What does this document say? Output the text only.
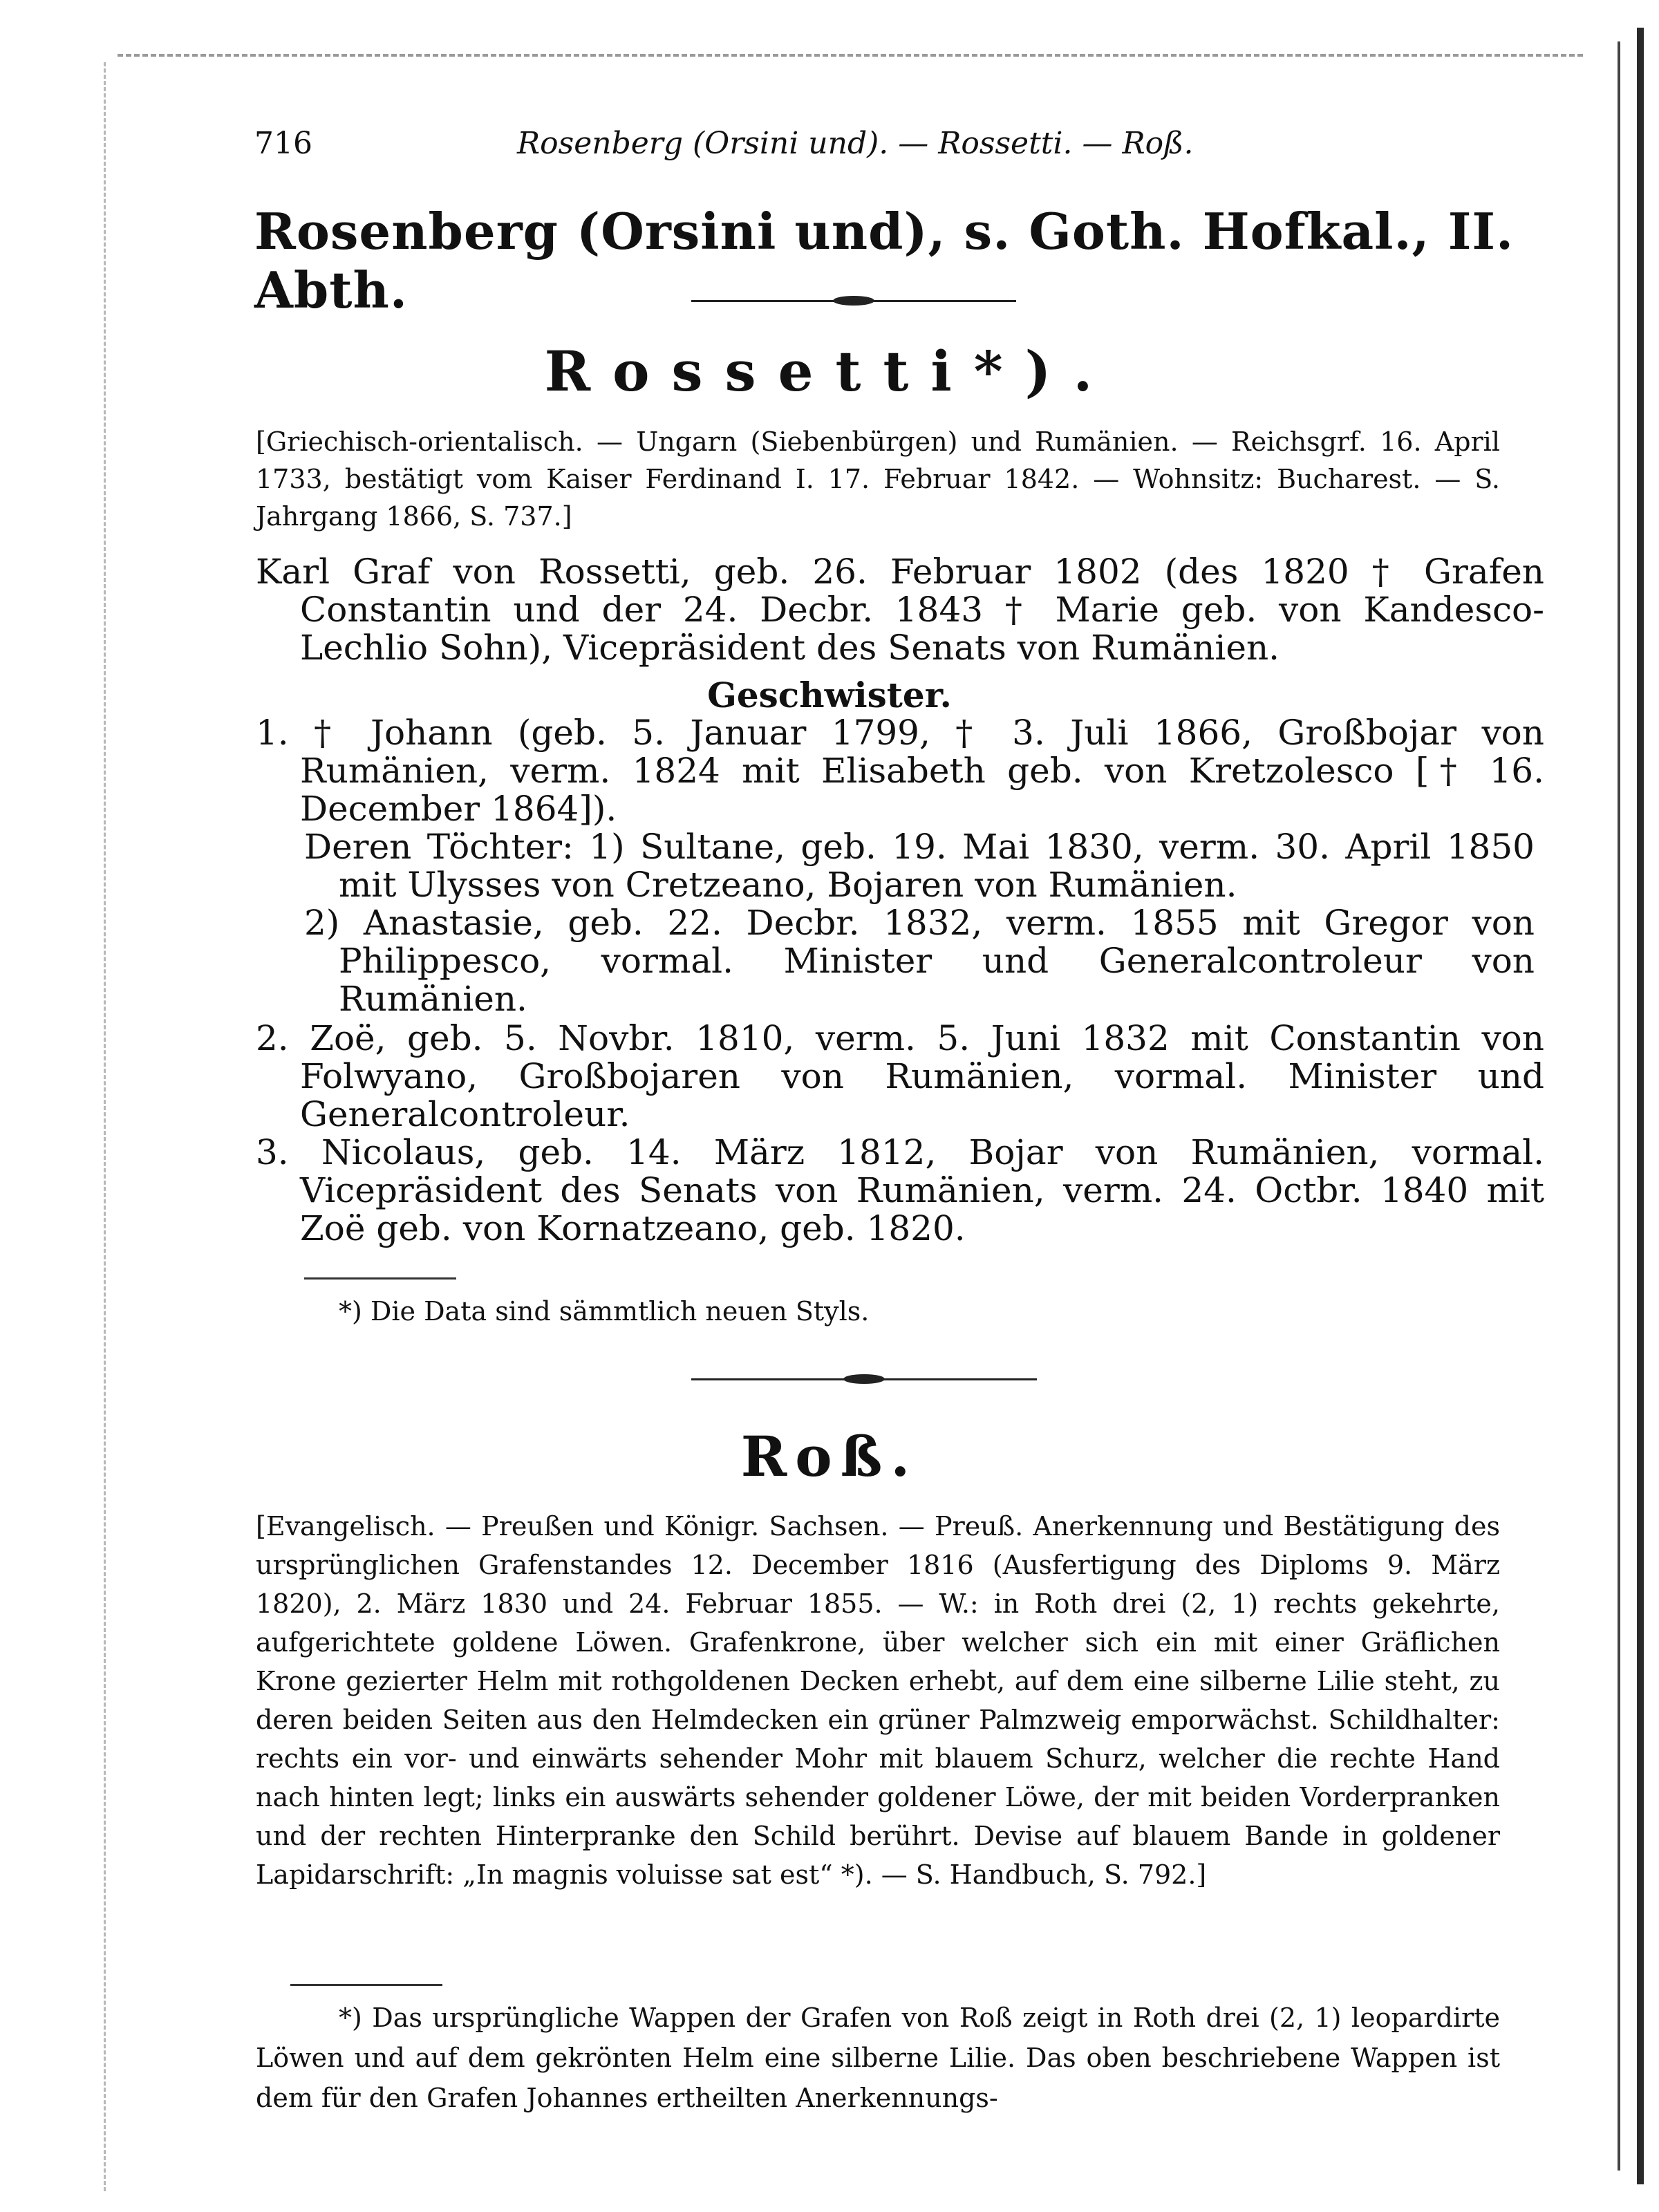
716	Rosenberg (Orsini und). — Rossetti. — Roß.
Rosenberg (Orsini und), s. Goth. Hofkal., II. Abth.
Rossetti*).
[Griechisch-orientalisch. — Ungarn (Siebenbürgen) und Rumänien. — Reichsgrf. 16. April 1733, bestätigt vom Kaiser Ferdinand I. 17. Februar 1842. — Wohnsitz: Bucharest. — S. Jahrgang 1866, S. 737.]
Karl Graf von Rossetti, geb. 26. Februar 1802 (des 1820 † Grafen Constantin und der 24. Decbr. 1843 † Marie geb. von Kandesco-Lechlio Sohn), Vicepräsident des Senats von Rumänien.
Geschwister.
1. † Johann (geb. 5. Januar 1799, † 3. Juli 1866, Großbojar von Rumänien, verm. 1824 mit Elisabeth geb. von Kretzolesco [† 16. December 1864]).
Deren Töchter: 1) Sultane, geb. 19. Mai 1830, verm. 30. April 1850 mit Ulysses von Cretzeano, Bojaren von Rumänien.
2) Anastasie, geb. 22. Decbr. 1832, verm. 1855 mit Gregor von Philippesco, vormal. Minister und Generalcontroleur von Rumänien.
2. Zoë, geb. 5. Novbr. 1810, verm. 5. Juni 1832 mit Constantin von Folwyano, Großbojaren von Rumänien, vormal. Minister und Generalcontroleur.
3. Nicolaus, geb. 14. März 1812, Bojar von Rumänien, vormal. Vicepräsident des Senats von Rumänien, verm. 24. Octbr. 1840 mit Zoë geb. von Kornatzeano, geb. 1820.
*) Die Data sind sämmtlich neuen Styls.
Roß.
[Evangelisch. — Preußen und Königr. Sachsen. — Preuß. Anerkennung und Bestätigung des ursprünglichen Grafenstandes 12. December 1816 (Ausfertigung des Diploms 9. März 1820), 2. März 1830 und 24. Februar 1855. — W.: in Roth drei (2, 1) rechts gekehrte, aufgerichtete goldene Löwen. Grafenkrone, über welcher sich ein mit einer Gräflichen Krone gezierter Helm mit rothgoldenen Decken erhebt, auf dem eine silberne Lilie steht, zu deren beiden Seiten aus den Helmdecken ein grüner Palmzweig emporwächst. Schildhalter: rechts ein vor- und einwärts sehender Mohr mit blauem Schurz, welcher die rechte Hand nach hinten legt; links ein auswärts sehender goldener Löwe, der mit beiden Vorderpranken und der rechten Hinterpranke den Schild berührt. Devise auf blauem Bande in goldener Lapidarschrift: „In magnis voluisse sat est“ *). — S. Handbuch, S. 792.]
*) Das ursprüngliche Wappen der Grafen von Roß zeigt in Roth drei (2, 1) leopardirte Löwen und auf dem gekrönten Helm eine silberne Lilie. Das oben beschriebene Wappen ist dem für den Grafen Johannes ertheilten Anerkennungs-
